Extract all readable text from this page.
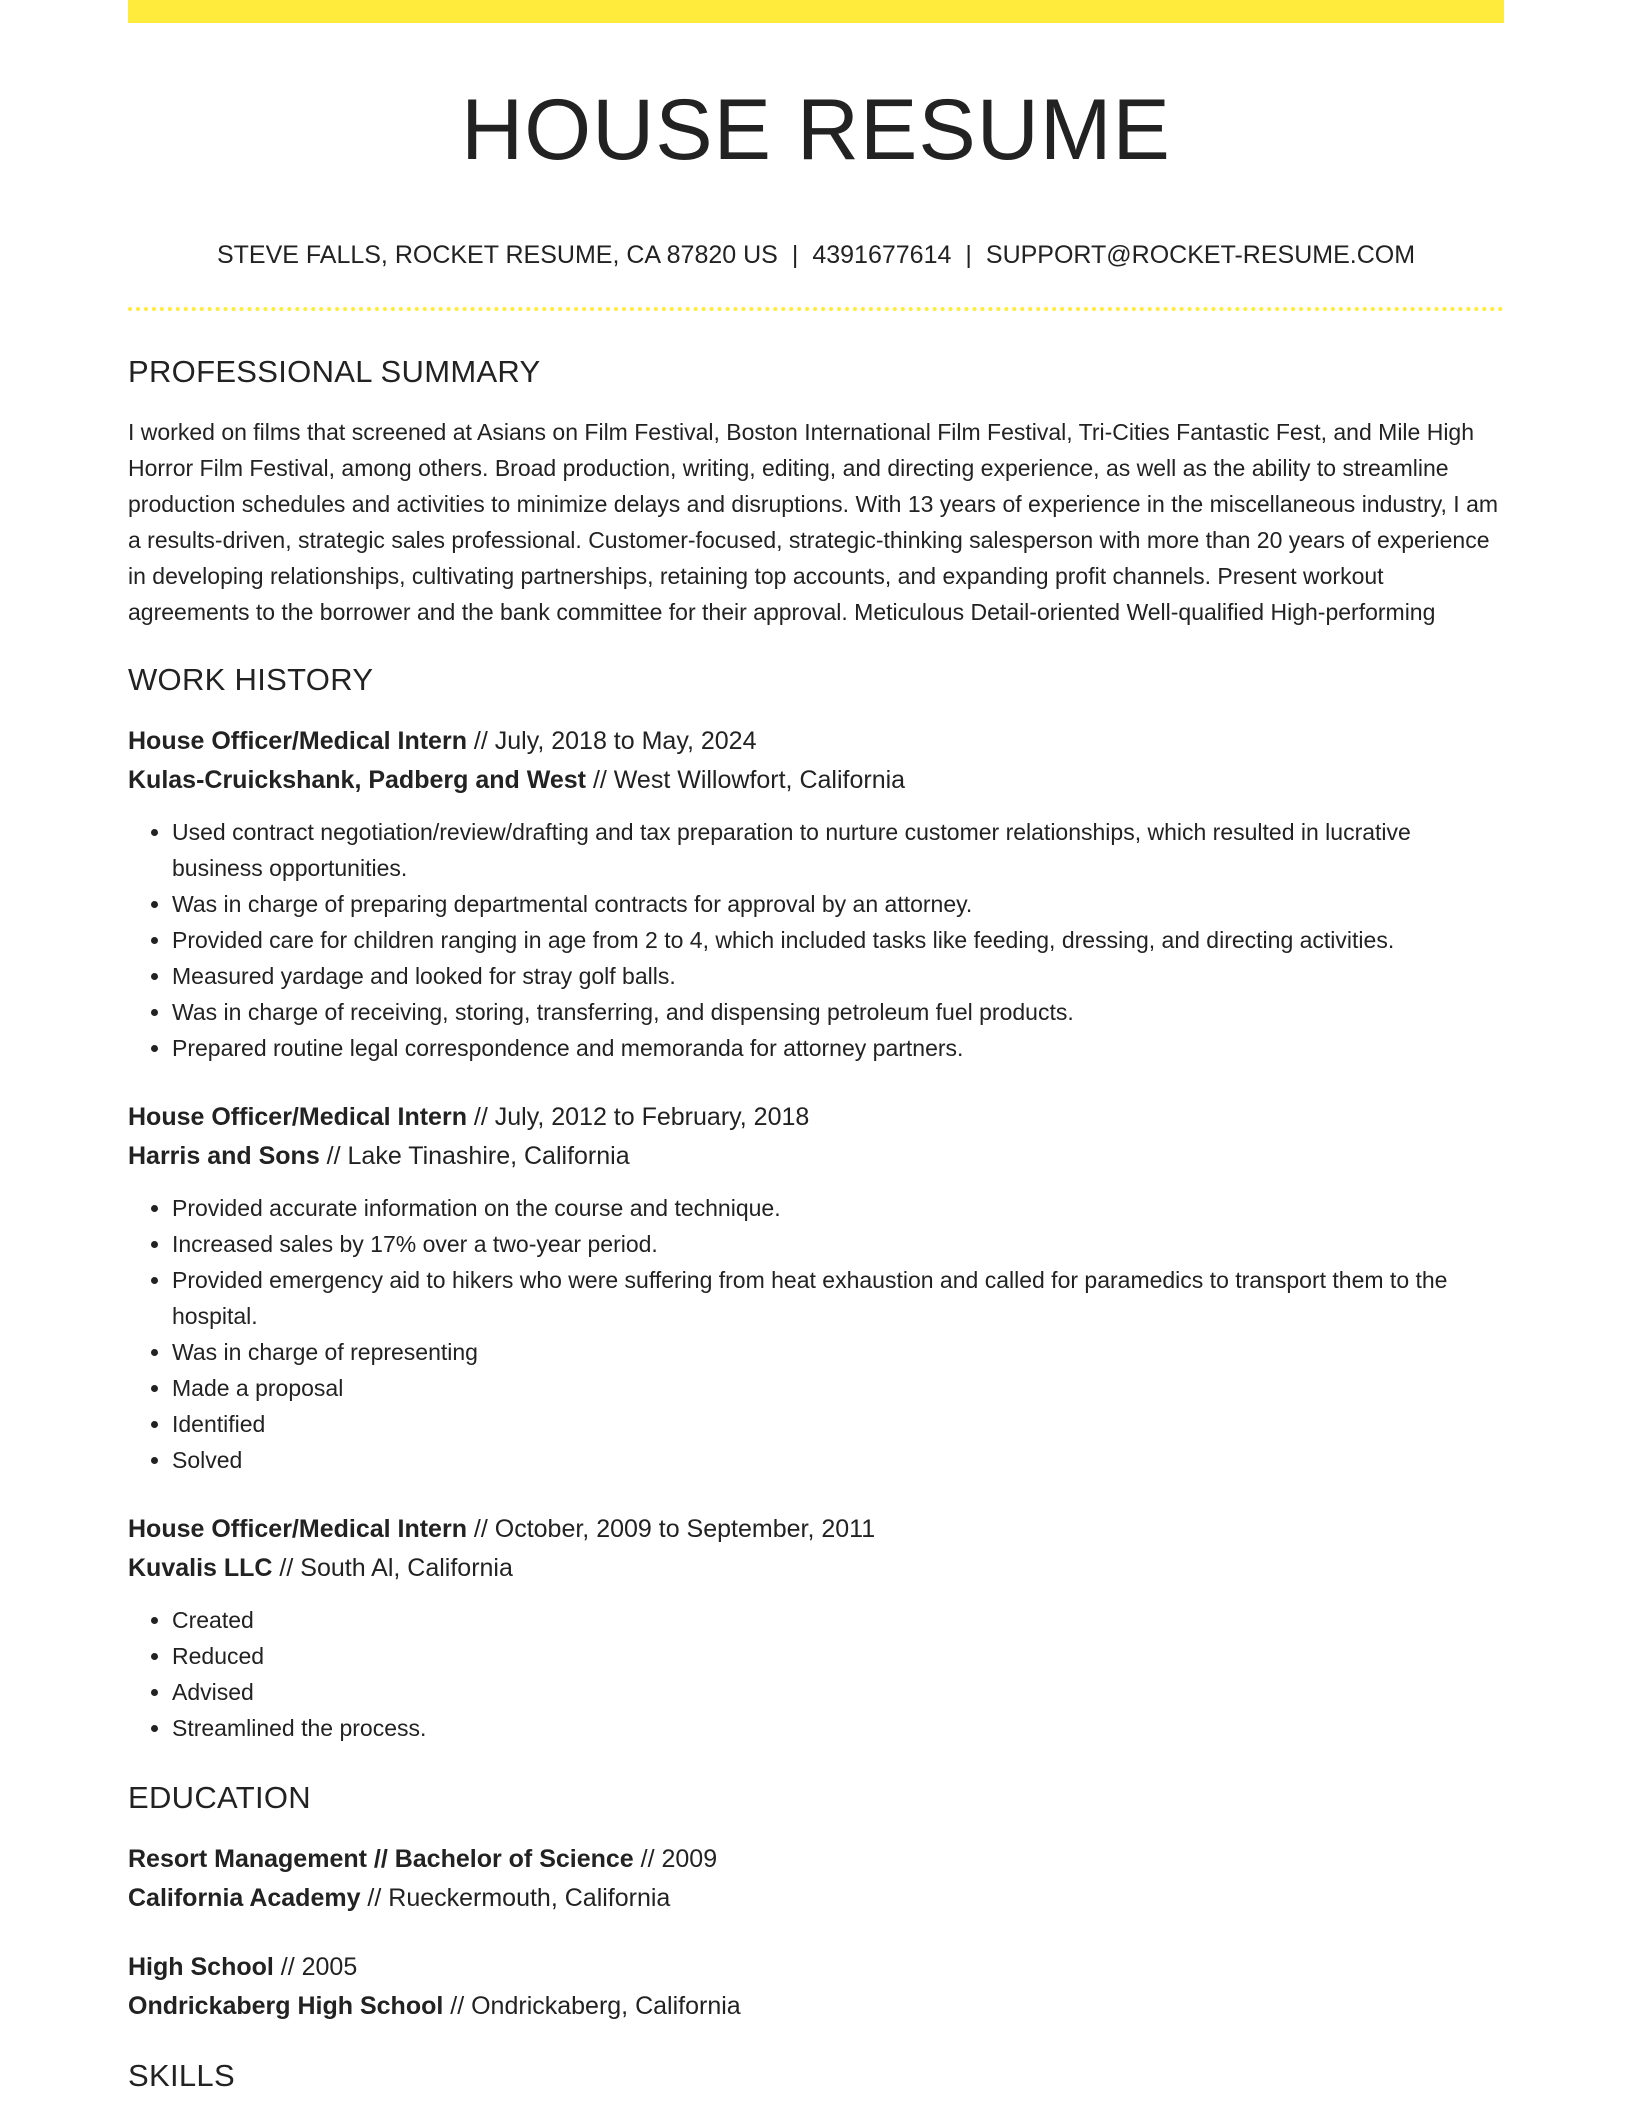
HOUSE RESUME
STEVE FALLS, ROCKET RESUME, CA 87820 US | 4391677614 | SUPPORT@ROCKET-RESUME.COM
PROFESSIONAL SUMMARY

I worked on films that screened at Asians on Film Festival, Boston International Film Festival, Tri-Cities Fantastic Fest, and Mile High Horror Film Festival, among others. Broad production, writing, editing, and directing experience, as well as the ability to streamline production schedules and activities to minimize delays and disruptions. With 13 years of experience in the miscellaneous industry, I am a results-driven, strategic sales professional. Customer-focused, strategic-thinking salesperson with more than 20 years of experience in developing relationships, cultivating partnerships, retaining top accounts, and expanding profit channels. Present workout agreements to the borrower and the bank committee for their approval. Meticulous Detail-oriented Well-qualified High-performing

WORK HISTORY
House Officer/Medical Intern // July, 2018 to May, 2024
Kulas-Cruickshank, Padberg and West // West Willowfort, California
• Used contract negotiation/review/drafting and tax preparation to nurture customer relationships, which resulted in lucrative business opportunities.
• Was in charge of preparing departmental contracts for approval by an attorney.
• Provided care for children ranging in age from 2 to 4, which included tasks like feeding, dressing, and directing activities.
• Measured yardage and looked for stray golf balls.
• Was in charge of receiving, storing, transferring, and dispensing petroleum fuel products.
• Prepared routine legal correspondence and memoranda for attorney partners.
House Officer/Medical Intern // July, 2012 to February, 2018
Harris and Sons // Lake Tinashire, California
• Provided accurate information on the course and technique.
• Increased sales by 17% over a two-year period.
• Provided emergency aid to hikers who were suffering from heat exhaustion and called for paramedics to transport them to the hospital.
• Was in charge of representing
• Made a proposal
• Identified
• Solved
House Officer/Medical Intern // October, 2009 to September, 2011
Kuvalis LLC // South Al, California
• Created
• Reduced
• Advised
• Streamlined the process.
EDUCATION
Resort Management // Bachelor of Science // 2009
California Academy // Rueckermouth, California
High School // 2005
Ondrickaberg High School // Ondrickaberg, California
SKILLS
